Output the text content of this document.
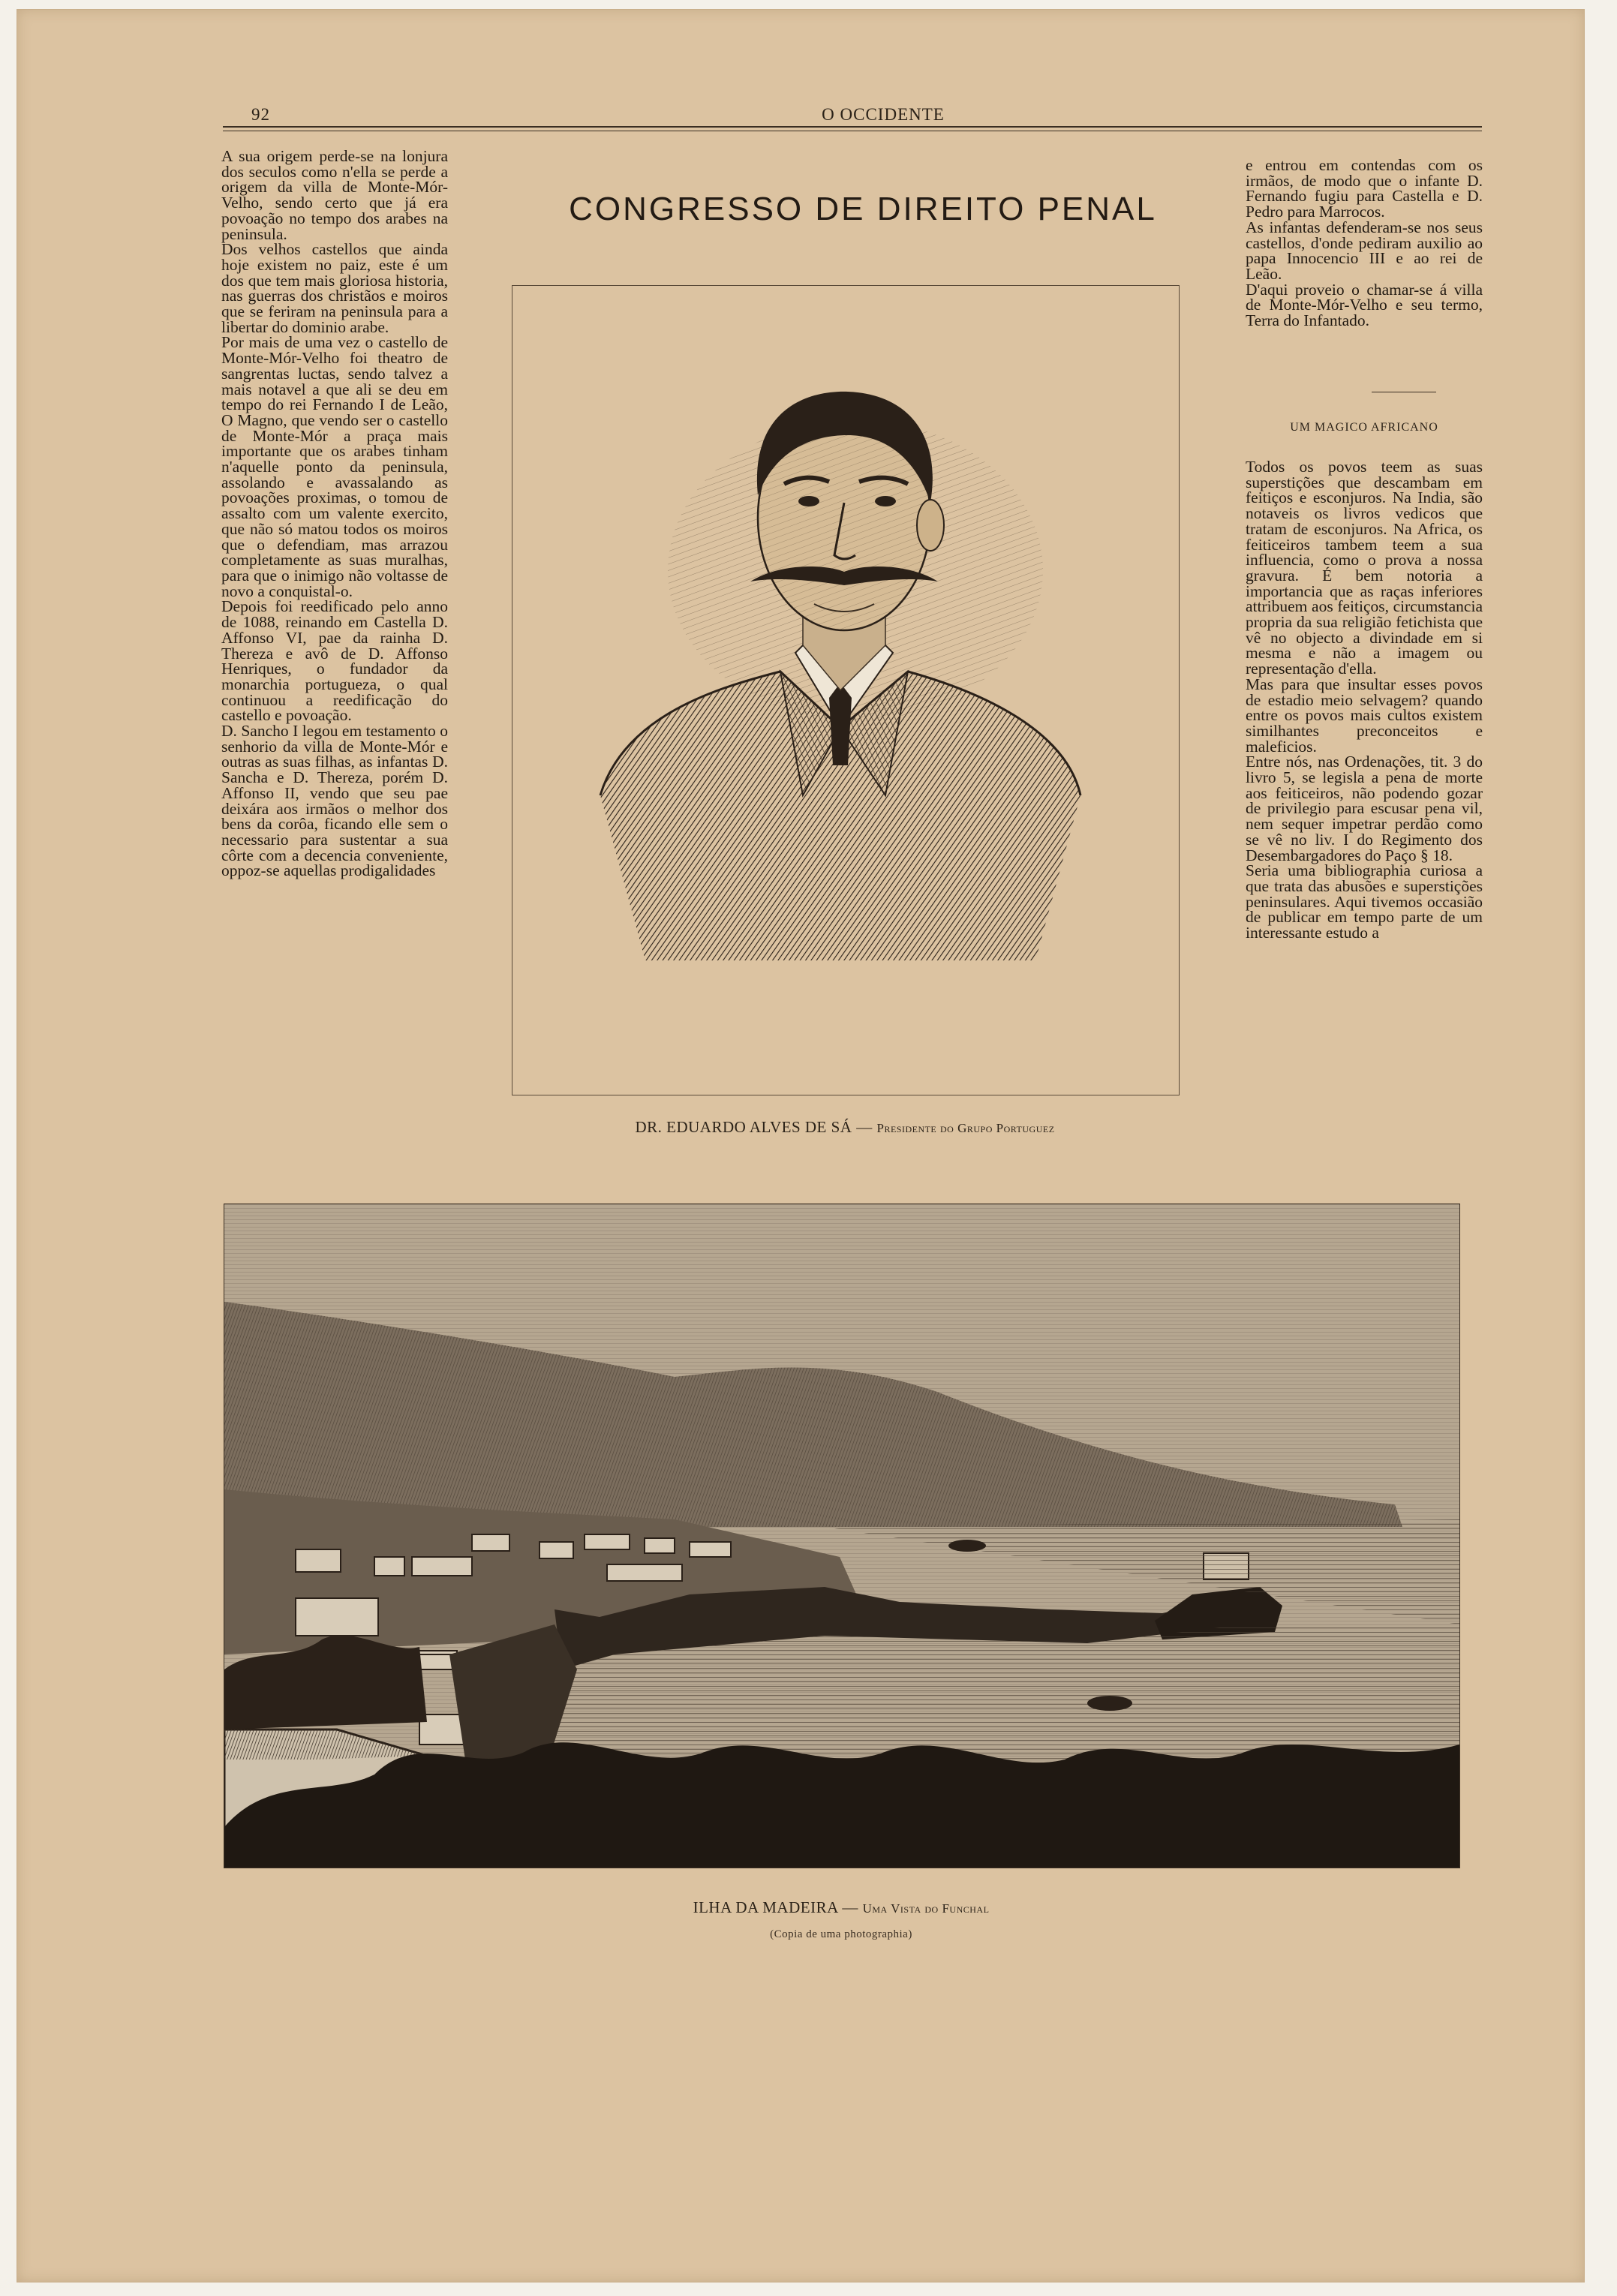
92	O OCCIDENTE
A sua origem perde-se na lonjura dos seculos como n'ella se perde a origem da villa de Monte-Mór-Velho, sendo certo que já era povoação no tempo dos arabes na peninsula.
Dos velhos castellos que ainda hoje existem no paiz, este é um dos que tem mais gloriosa historia, nas guerras dos christãos e moiros que se feriram na peninsula para a libertar do dominio arabe.
Por mais de uma vez o castello de Monte-Mór-Velho foi theatro de sangrentas luctas, sendo talvez a mais notavel a que ali se deu em tempo do rei Fernando I de Leão, O Magno, que vendo ser o castello de Monte-Mór a praça mais importante que os arabes tinham n'aquelle ponto da peninsula, assolando e avassalando as povoações proximas, o tomou de assalto com um valente exercito, que não só matou todos os moiros que o defendiam, mas arrazou completamente as suas muralhas, para que o inimigo não voltasse de novo a conquistal-o.
Depois foi reedificado pelo anno de 1088, reinando em Castella D. Affonso VI, pae da rainha D. Thereza e avô de D. Affonso Henriques, o fundador da monarchia portugueza, o qual continuou a reedificação do castello e povoação.
D. Sancho I legou em testamento o senhorio da villa de Monte-Mór e outras as suas filhas, as infantas D. Sancha e D. Thereza, porém D. Affonso II, vendo que seu pae deixára aos irmãos o melhor dos bens da corôa, ficando elle sem o necessario para sustentar a sua côrte com a decencia conveniente, oppoz-se aquellas prodigalidades
CONGRESSO DE DIREITO PENAL
DR. EDUARDO ALVES DE SÁ — Presidente do Grupo Portuguez
e entrou em contendas com os irmãos, de modo que o infante D. Fernando fugiu para Castella e D. Pedro para Marrocos.
As infantas defenderam-se nos seus castellos, d'onde pediram auxilio ao papa Innocencio III e ao rei de Leão.
D'aqui proveio o chamar-se á villa de Monte-Mór-Velho e seu termo, Terra do Infantado.
UM MAGICO AFRICANO
Todos os povos teem as suas superstições que descambam em feitiços e esconjuros. Na India, são notaveis os livros vedicos que tratam de esconjuros. Na Africa, os feiticeiros tambem teem a sua influencia, como o prova a nossa gravura. É bem notoria a importancia que as raças inferiores attribuem aos feitiços, circumstancia propria da sua religião fetichista que vê no objecto a divindade em si mesma e não a imagem ou representação d'ella.
Mas para que insultar esses povos de estadio meio selvagem? quando entre os povos mais cultos existem similhantes preconceitos e maleficios.
Entre nós, nas Ordenações, tit. 3 do livro 5, se legisla a pena de morte aos feiticeiros, não podendo gozar de privilegio para escusar pena vil, nem sequer impetrar perdão como se vê no liv. I do Regimento dos Desembargadores do Paço § 18.
Seria uma bibliographia curiosa a que trata das abusões e superstições peninsulares. Aqui tivemos occasião de publicar em tempo parte de um interessante estudo a
ILHA DA MADEIRA — Uma Vista do Funchal
(Copia de uma photographia)
